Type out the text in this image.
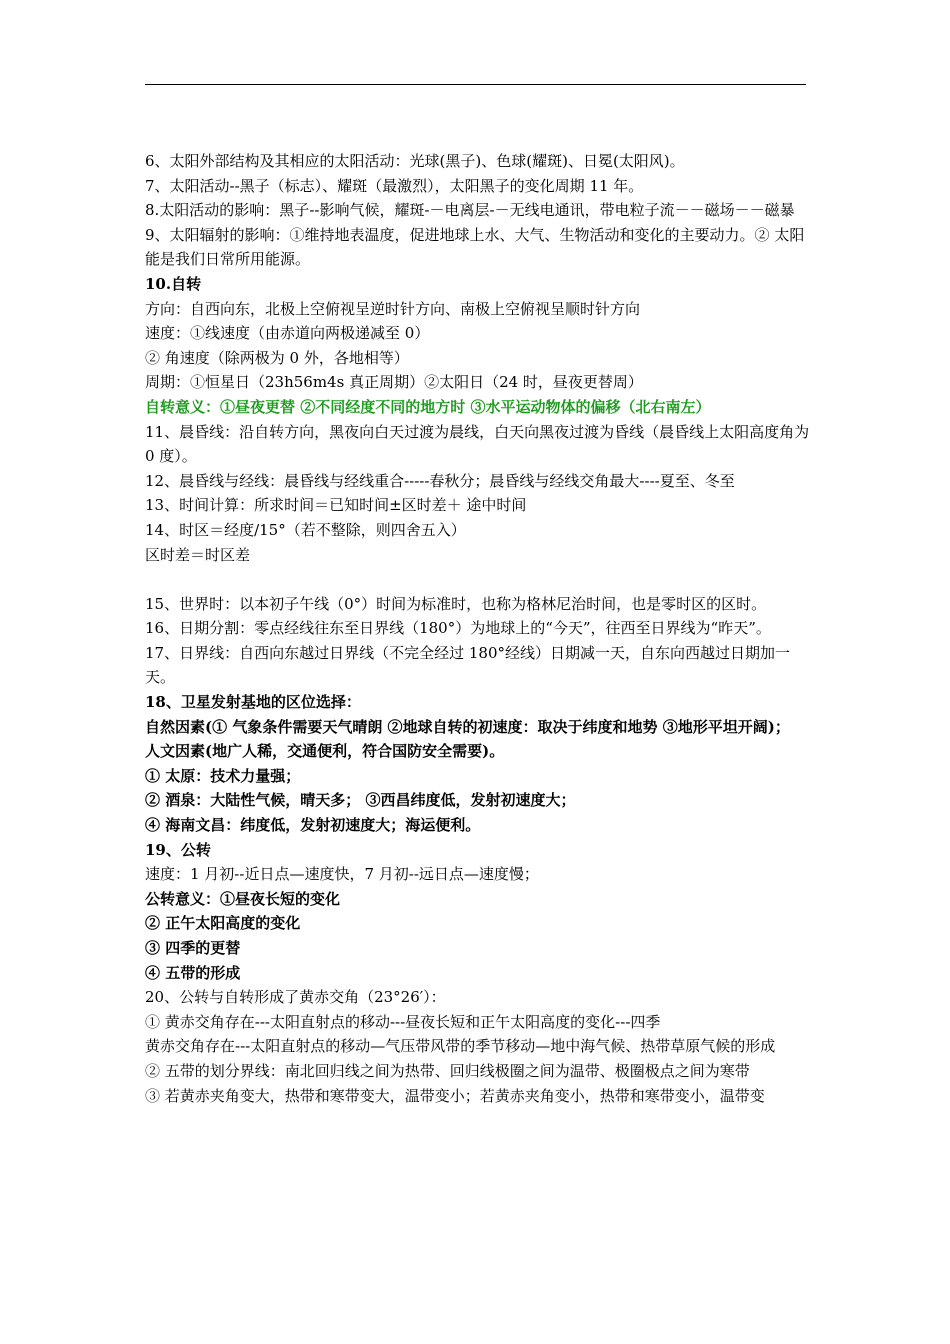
6、太阳外部结构及其相应的太阳活动：光球(黑子)、色球(耀斑)、日冕(太阳风)。

7、太阳活动--黑子（标志）、耀斑（最激烈），太阳黑子的变化周期 11 年。

8.太阳活动的影响：黑子--影响气候，耀斑-－电离层-－无线电通讯，带电粒子流－－磁场－－磁暴

9、太阳辐射的影响：①维持地表温度，促进地球上水、大气、生物活动和变化的主要动力。② 太阳能是我们日常所用能源。

10.自转

方向：自西向东，北极上空俯视呈逆时针方向、南极上空俯视呈顺时针方向

速度：①线速度（由赤道向两极递减至 0）

② 角速度（除两极为 0 外，各地相等）

周期：①恒星日（23h56m4s 真正周期）②太阳日（24 时，昼夜更替周）

自转意义：①昼夜更替 ②不同经度不同的地方时 ③水平运动物体的偏移（北右南左）

11、晨昏线：沿自转方向，黑夜向白天过渡为晨线，白天向黑夜过渡为昏线（晨昏线上太阳高度角为 0 度）。

12、晨昏线与经线：晨昏线与经线重合-----春秋分；晨昏线与经线交角最大----夏至、冬至

13、时间计算：所求时间＝已知时间±区时差＋ 途中时间

14、时区＝经度/15°（若不整除，则四舍五入）

区时差＝时区差

15、世界时：以本初子午线（0°）时间为标准时，也称为格林尼治时间，也是零时区的区时。

16、日期分割：零点经线往东至日界线（180°）为地球上的“今天”，往西至日界线为“昨天”。

17、日界线：自西向东越过日界线（不完全经过 180°经线）日期减一天，自东向西越过日期加一天。

18、卫星发射基地的区位选择：

自然因素(① 气象条件需要天气晴朗 ②地球自转的初速度：取决于纬度和地势 ③地形平坦开阔)；

人文因素(地广人稀，交通便利，符合国防安全需要)。

① 太原：技术力量强；

② 酒泉：大陆性气候，晴天多； ③西昌纬度低，发射初速度大；

④ 海南文昌：纬度低，发射初速度大；海运便利。

19、公转

速度：1 月初--近日点—速度快，7 月初--远日点—速度慢；

公转意义：①昼夜长短的变化

② 正午太阳高度的变化

③ 四季的更替

④ 五带的形成

20、公转与自转形成了黄赤交角（23°26′）：

① 黄赤交角存在---太阳直射点的移动---昼夜长短和正午太阳高度的变化---四季

黄赤交角存在---太阳直射点的移动—气压带风带的季节移动—地中海气候、热带草原气候的形成

② 五带的划分界线：南北回归线之间为热带、回归线极圈之间为温带、极圈极点之间为寒带

③ 若黄赤夹角变大，热带和寒带变大，温带变小；若黄赤夹角变小，热带和寒带变小，温带变
